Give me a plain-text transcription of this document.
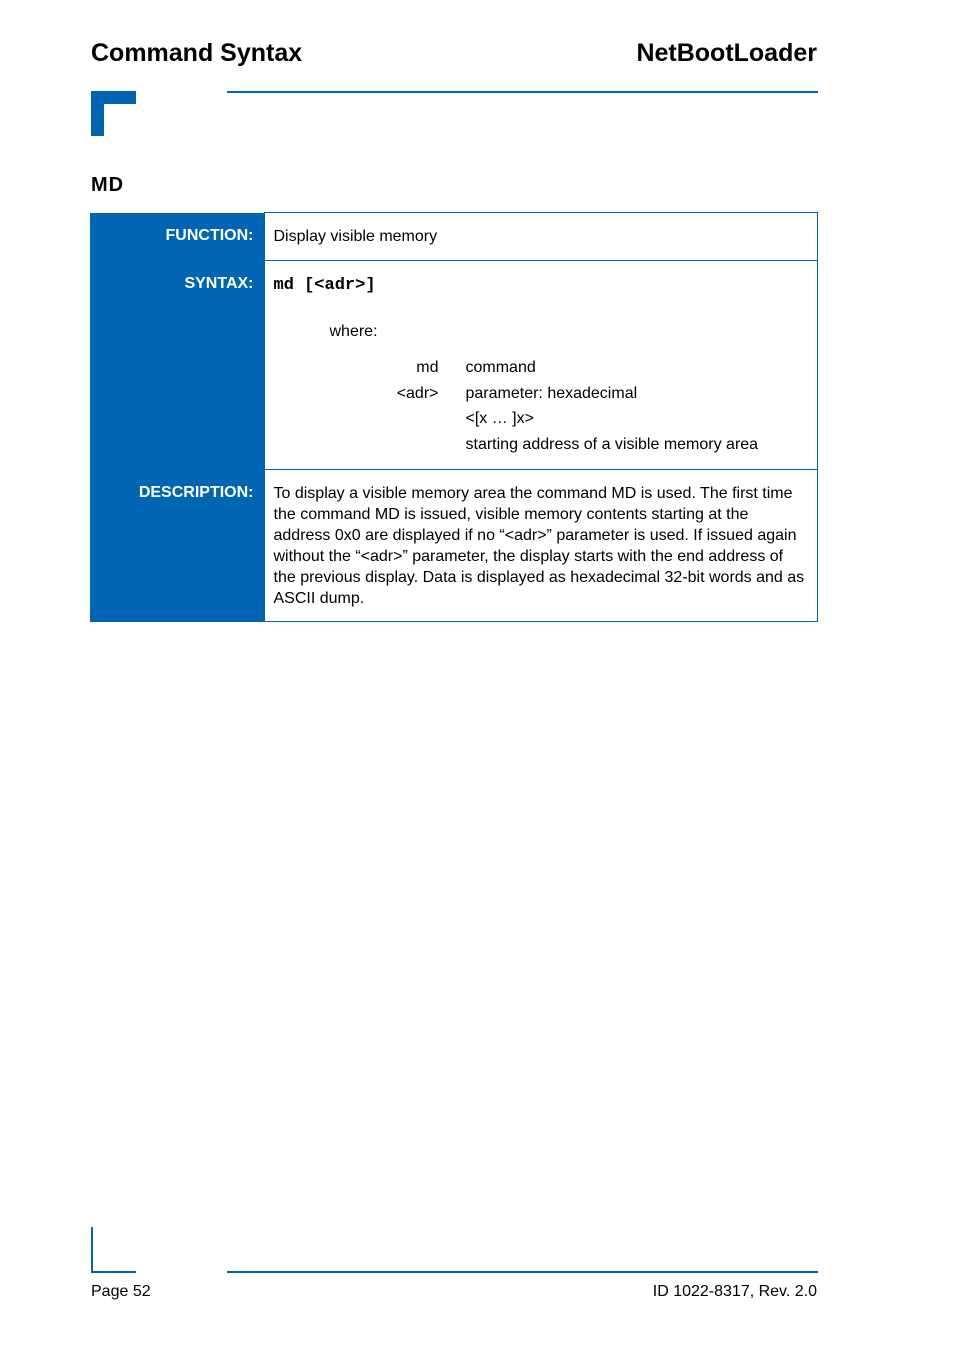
Command Syntax	NetBootLoader
MD
FUNCTION:	Display visible memory
SYNTAX:	md [<adr>]
where:
md	command
<adr>	parameter: hexadecimal
	<[x … ]x>
	starting address of a visible memory area

DESCRIPTION:	To display a visible memory area the command MD is used. The first time the command MD is issued, visible memory contents starting at the address 0x0 are displayed if no “<adr>” parameter is used. If issued again without the “<adr>” parameter, the display starts with the end address of the previous display. Data is displayed as hexadecimal 32-bit words and as ASCII dump.
Page 52	ID 1022-8317, Rev. 2.0
